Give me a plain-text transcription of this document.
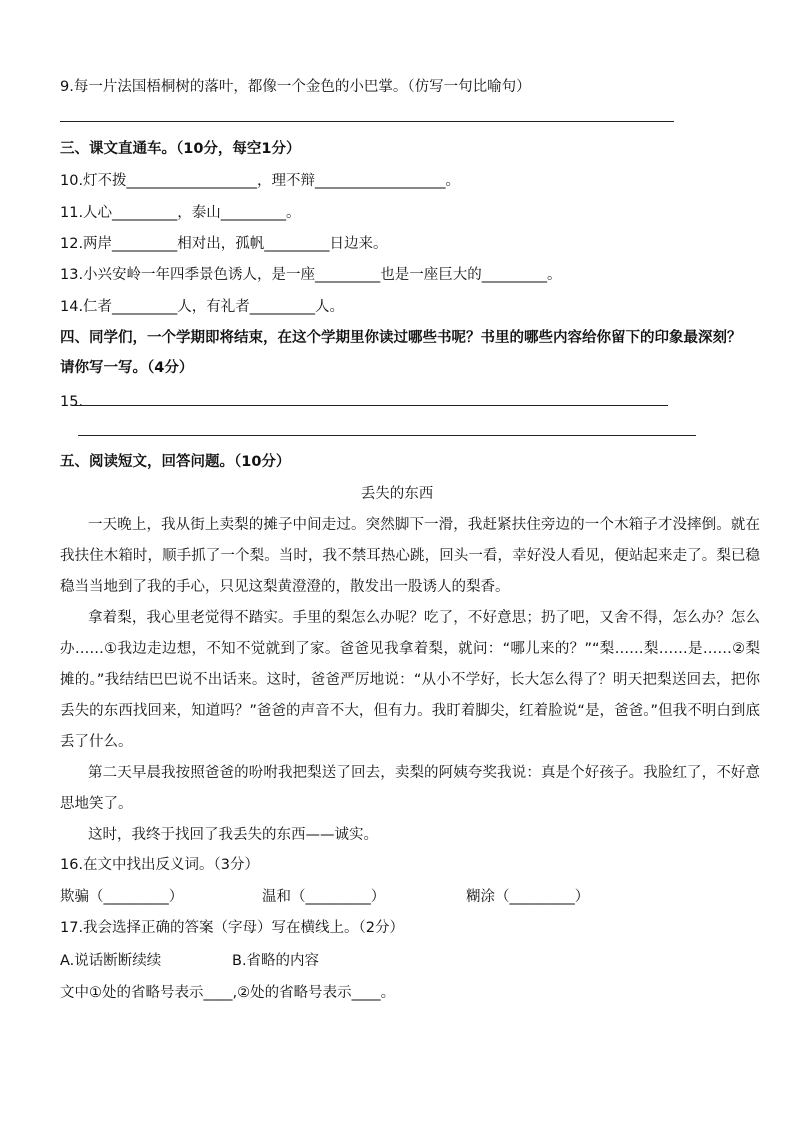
9.每一片法国梧桐树的落叶，都像一个金色的小巴掌。（仿写一句比喻句）
三、课文直通车。（10分，每空1分）
10.灯不拨__________________，理不辩__________________。
11.人心_________，泰山_________。
12.两岸_________相对出，孤帆_________日边来。
13.小兴安岭一年四季景色诱人，是一座_________也是一座巨大的_________。
14.仁者_________人，有礼者_________人。
四、同学们，一个学期即将结束，在这个学期里你读过哪些书呢？书里的哪些内容给你留下的印象最深刻？
请你写一写。（4分）
15.
五、阅读短文，回答问题。（10分）
丢失的东西
一天晚上，我从街上卖梨的摊子中间走过。突然脚下一滑，我赶紧扶住旁边的一个木箱子才没摔倒。就在我扶住木箱时，顺手抓了一个梨。当时，我不禁耳热心跳，回头一看，幸好没人看见，便站起来走了。梨已稳稳当当地到了我的手心，只见这梨黄澄澄的，散发出一股诱人的梨香。
拿着梨，我心里老觉得不踏实。手里的梨怎么办呢？吃了，不好意思；扔了吧，又舍不得，怎么办？怎么办……①我边走边想，不知不觉就到了家。爸爸见我拿着梨，就问：“哪儿来的？”“梨……梨……是……②梨摊的。”我结结巴巴说不出话来。这时，爸爸严厉地说：“从小不学好，长大怎么得了？明天把梨送回去，把你丢失的东西找回来，知道吗？”爸爸的声音不大，但有力。我盯着脚尖，红着脸说“是，爸爸。”但我不明白到底丢了什么。
第二天早晨我按照爸爸的吩咐我把梨送了回去，卖梨的阿姨夸奖我说：真是个好孩子。我脸红了，不好意思地笑了。
这时，我终于找回了我丢失的东西——诚实。
16.在文中找出反义词。（3分）
欺骗（_________）	温和（_________）	糊涂（_________）
17.我会选择正确的答案（字母）写在横线上。（2分）
A.说话断断续续	B.省略的内容
文中①处的省略号表示____,②处的省略号表示____。
